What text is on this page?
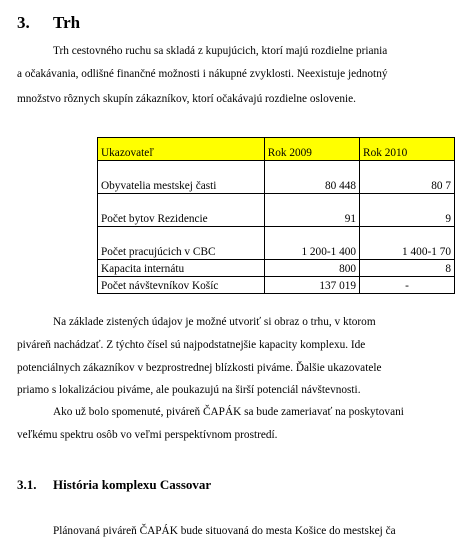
3. Trh
Trh cestovného ruchu sa skladá z kupujúcich, ktorí majú rozdielne prianiа
a očakávania, odlišné finančné možnosti i nákupné zvyklosti. Neexistuje jednotný
množstvo rôznych skupín zákazníkov, ktorí očakávajú rozdielne oslovenie.
Ukazovateľ	Rok 2009	Rok 2010
Obyvatelia mestskej časti	80 448	80 7
Počet bytov Rezidencie	91	9
Počet pracujúcich v CBC	1 200-1 400	1 400-1 70
Kapacita internátu	800	8
Počet návštevníkov Košíc	137 019	-
Na základe zistených údajov je možné utvoriť si obraz o trhu, v ktorom
piváreň nachádzať. Z týchto čísel sú najpodstatnejšie kapacity komplexu. Ide
potenciálnych zákazníkov v bezprostrednej blízkosti piváme. Ďalšie ukazovatele
priamo s lokalizáciou piváme, ale poukazujú na širší potenciál návštevnosti.
Ako už bolo spomenuté, piváreň ČAPÁK sa bude zameriavať na poskytovani
veľkému spektru osôb vo veľmi perspektívnom prostredí.
3.1. História komplexu Cassovar
Plánovaná piváreň ČAPÁK bude situovaná do mesta Košice do mestskej ča
